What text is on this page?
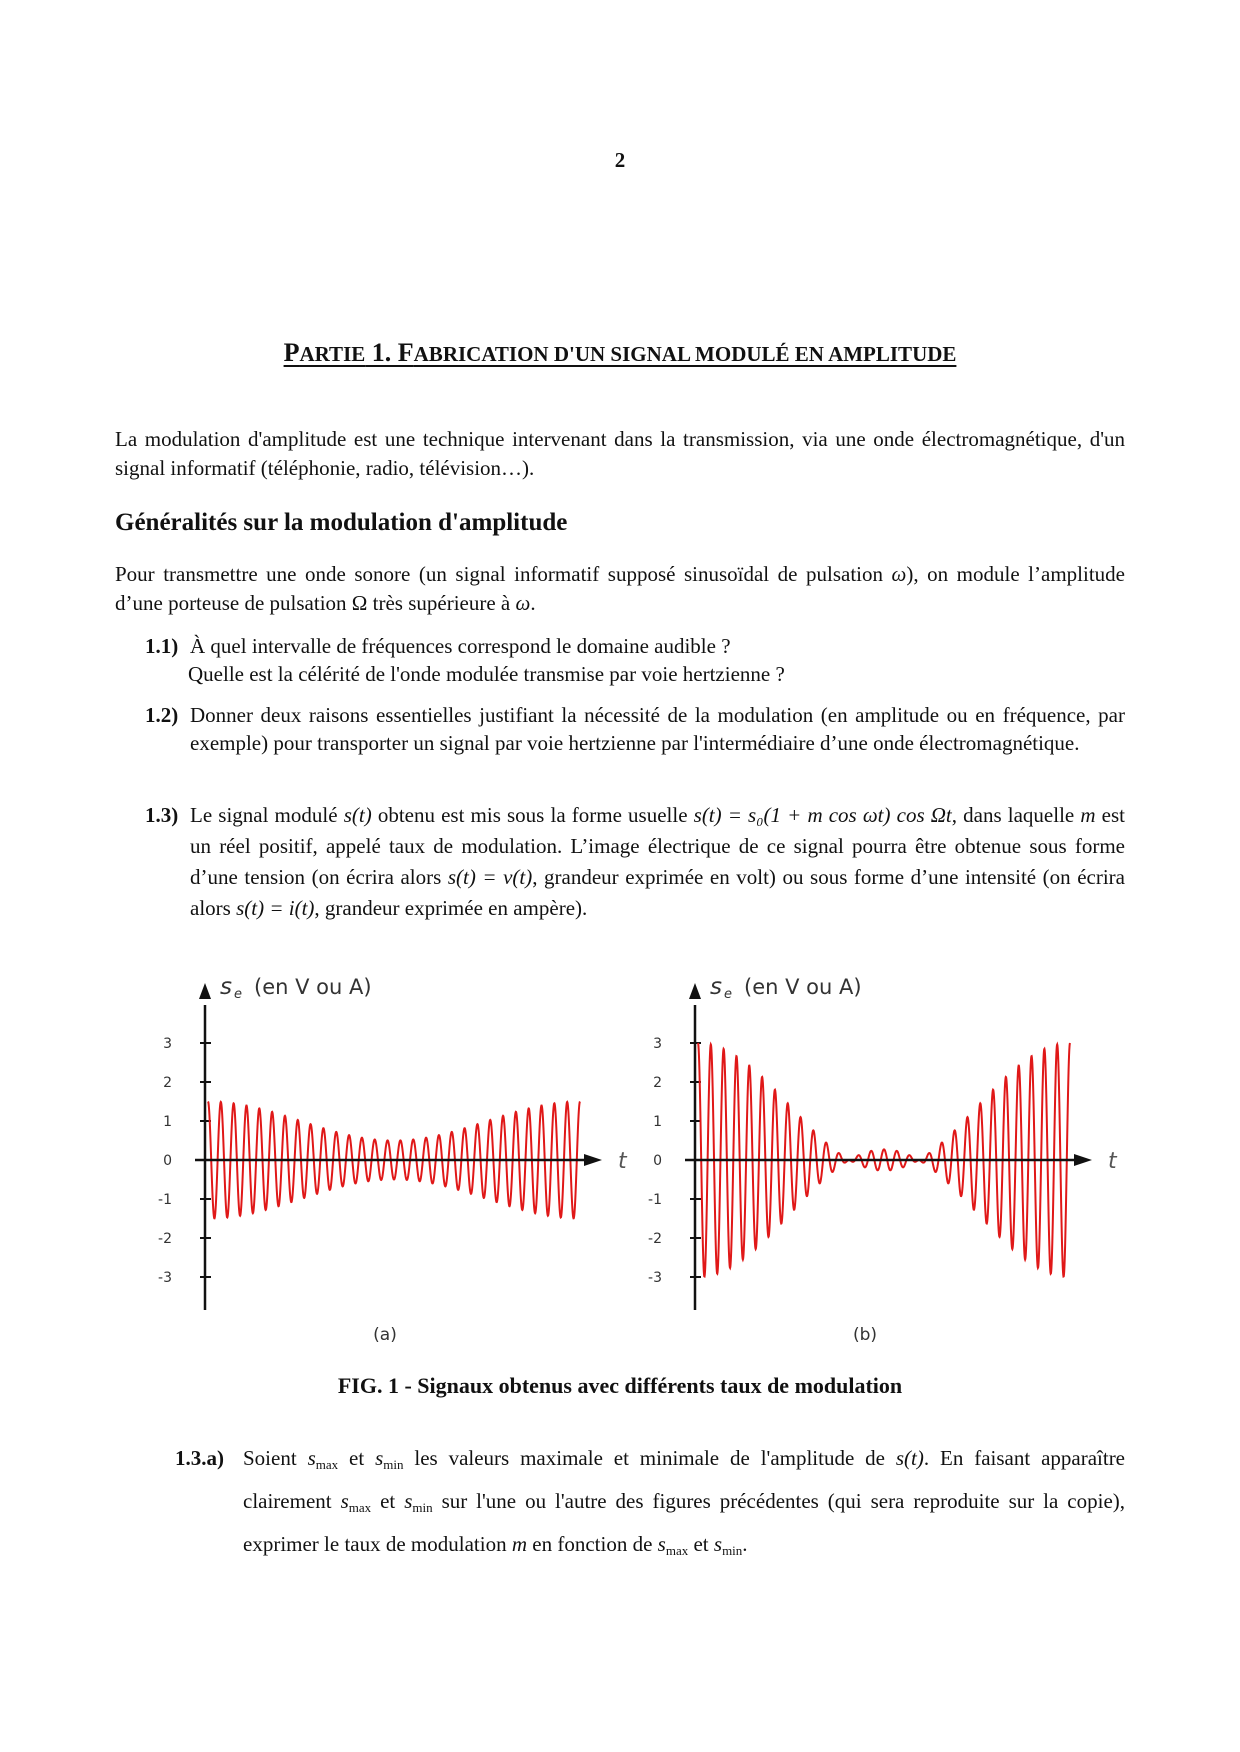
2
PARTIE 1. FABRICATION D'UN SIGNAL MODULÉ EN AMPLITUDE
La modulation d'amplitude est une technique intervenant dans la transmission, via une onde électromagnétique, d'un signal informatif (téléphonie, radio, télévision…).
Généralités sur la modulation d'amplitude
Pour transmettre une onde sonore (un signal informatif supposé sinusoïdal de pulsation ω), on module l’amplitude d’une porteuse de pulsation Ω très supérieure à ω.
1.1) À quel intervalle de fréquences correspond le domaine audible ?
Quelle est la célérité de l'onde modulée transmise par voie hertzienne ?
1.2) Donner deux raisons essentielles justifiant la nécessité de la modulation (en amplitude ou en fréquence, par exemple) pour transporter un signal par voie hertzienne par l'intermédiaire d’une onde électromagnétique.
1.3) Le signal modulé s(t) obtenu est mis sous la forme usuelle s(t) = s₀(1 + m cos ωt) cos Ωt, dans laquelle m est un réel positif, appelé taux de modulation. L’image électrique de ce signal pourra être obtenue sous forme d’une tension (on écrira alors s(t) = v(t), grandeur exprimée en volt) ou sous forme d’une intensité (on écrira alors s(t) = i(t), grandeur exprimée en ampère).
s e (en V ou A)
3
2
1
0
-1
-2
-3
t
(a)
s e (en V ou A)
3
2
1
0
-1
-2
-3
t
(b)
FIG. 1 - Signaux obtenus avec différents taux de modulation
1.3.a) Soient $s_{max}$ et $s_{min}$ les valeurs maximale et minimale de l'amplitude de s(t). En faisant apparaître clairement $s_{max}$ et $s_{min}$ sur l'une ou l'autre des figures précédentes (qui sera reproduite sur la copie), exprimer le taux de modulation m en fonction de $s_{max}$ et $s_{min}$.
